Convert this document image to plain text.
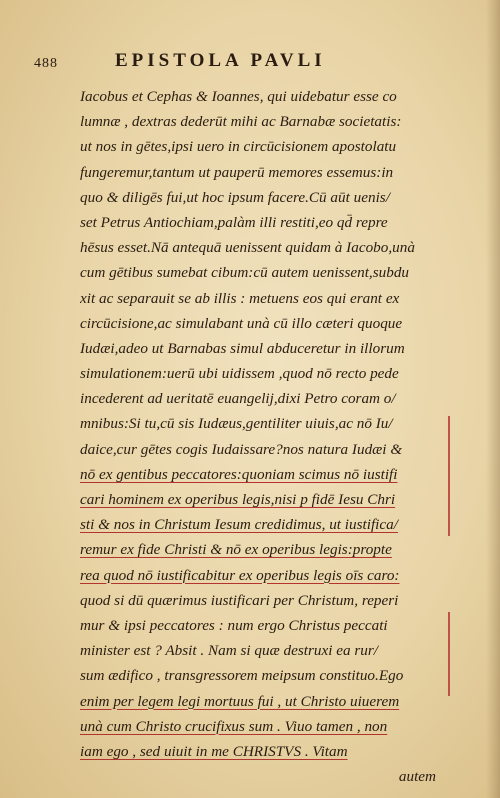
488	EPISTOLA PAVLI
Iacobus et Cephas & Ioannes, qui uidebatur esse co
lumnæ , dextras dederūt mihi ac Barnabæ societatis:
ut nos in gētes,ipsi uero in circūcisionem apostolatu
fungeremur,tantum ut pauperū memores essemus:in
quo & diligēs fui,ut hoc ipsum facere.Cū aūt uenis/
set Petrus Antiochiam,palàm illi restiti,eo qd̄ repre
hēsus esset.Nā antequā uenissent quidam à Iacobo,unà
cum gētibus sumebat cibum:cū autem uenissent,subdu
xit ac separauit se ab illis : metuens eos qui erant ex
circūcisione,ac simulabant unà cū illo cæteri quoque
Iudæi,adeo ut Barnabas simul abduceretur in illorum
simulationem:uerū ubi uidissem ,quod nō recto pede
incederent ad ueritatē euangelij,dixi Petro coram o/
mnibus:Si tu,cū sis Iudæus,gentiliter uiuis,ac nō Iu/
daice,cur gētes cogis Iudaissare?nos natura Iudæi &
nō ex gentibus peccatores:quoniam scimus nō iustifi
cari hominem ex operibus legis,nisi p fidē Iesu Chri
sti & nos in Christum Iesum credidimus, ut iustifica/
remur ex fide Christi & nō ex operibus legis:propte
rea quod nō iustificabitur ex operibus legis oīs caro:
quod si dū quærimus iustificari per Christum, reperi
mur & ipsi peccatores : num ergo Christus peccati
minister est ? Absit . Nam si quæ destruxi ea rur/
sum ædifico , transgressorem meipsum constituo.Ego
enim per legem legi mortuus fui , ut Christo uiuerem
unà cum Christo crucifixus sum . Viuo tamen , non
iam ego , sed uiuit in me CHRISTVS . Vitam
autem
